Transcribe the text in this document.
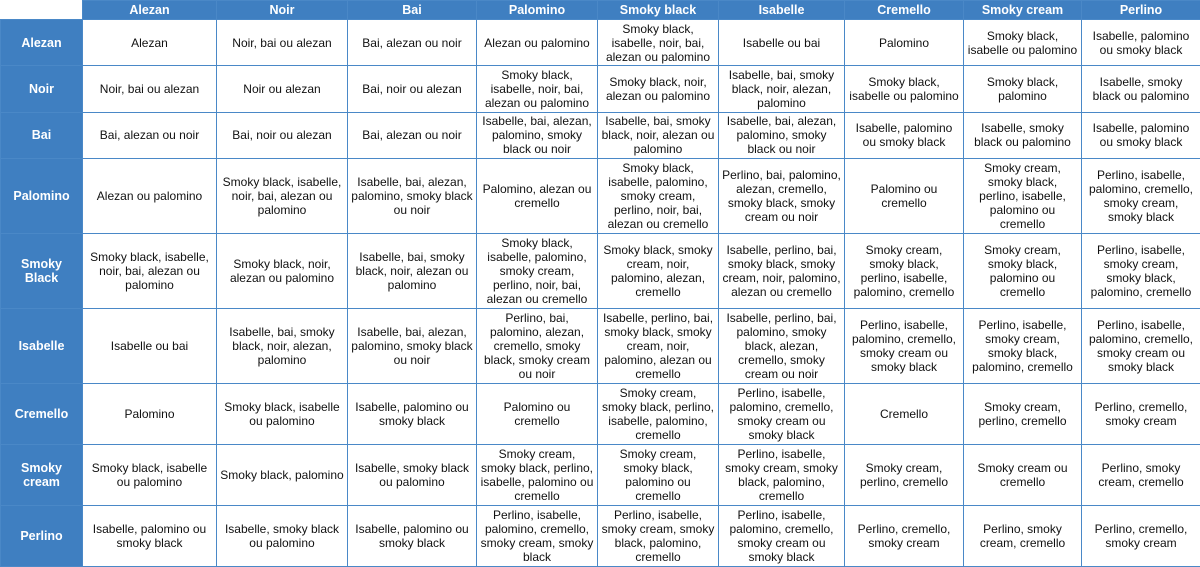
	Alezan	Noir	Bai	Palomino	Smoky black	Isabelle	Cremello	Smoky cream	Perlino
Alezan	Alezan	Noir, bai ou alezan	Bai, alezan ou noir	Alezan ou palomino	Smoky black, isabelle, noir, bai, alezan ou palomino	Isabelle ou bai	Palomino	Smoky black, isabelle ou palomino	Isabelle, palomino ou smoky black
Noir	Noir, bai ou alezan	Noir ou alezan	Bai, noir ou alezan	Smoky black, isabelle, noir, bai, alezan ou palomino	Smoky black, noir, alezan ou palomino	Isabelle, bai, smoky black, noir, alezan, palomino	Smoky black, isabelle ou palomino	Smoky black, palomino	Isabelle, smoky black ou palomino
Bai	Bai, alezan ou noir	Bai, noir ou alezan	Bai, alezan ou noir	Isabelle, bai, alezan, palomino, smoky black ou noir	Isabelle, bai, smoky black, noir, alezan ou palomino	Isabelle, bai, alezan, palomino, smoky black ou noir	Isabelle, palomino ou smoky black	Isabelle, smoky black ou palomino	Isabelle, palomino ou smoky black
Palomino	Alezan ou palomino	Smoky black, isabelle, noir, bai, alezan ou palomino	Isabelle, bai, alezan, palomino, smoky black ou noir	Palomino, alezan ou cremello	Smoky black, isabelle, palomino, smoky cream, perlino, noir, bai, alezan ou cremello	Perlino, bai, palomino, alezan, cremello, smoky black, smoky cream ou noir	Palomino ou cremello	Smoky cream, smoky black, perlino, isabelle, palomino ou cremello	Perlino, isabelle, palomino, cremello, smoky cream, smoky black
Smoky Black	Smoky black, isabelle, noir, bai, alezan ou palomino	Smoky black, noir, alezan ou palomino	Isabelle, bai, smoky black, noir, alezan ou palomino	Smoky black, isabelle, palomino, smoky cream, perlino, noir, bai, alezan ou cremello	Smoky black, smoky cream, noir, palomino, alezan, cremello	Isabelle, perlino, bai, smoky black, smoky cream, noir, palomino, alezan ou cremello	Smoky cream, smoky black, perlino, isabelle, palomino, cremello	Smoky cream, smoky black, palomino ou cremello	Perlino, isabelle, smoky cream, smoky black, palomino, cremello
Isabelle	Isabelle ou bai	Isabelle, bai, smoky black, noir, alezan, palomino	Isabelle, bai, alezan, palomino, smoky black ou noir	Perlino, bai, palomino, alezan, cremello, smoky black, smoky cream ou noir	Isabelle, perlino, bai, smoky black, smoky cream, noir, palomino, alezan ou cremello	Isabelle, perlino, bai, palomino, smoky black, alezan, cremello, smoky cream ou noir	Perlino, isabelle, palomino, cremello, smoky cream ou smoky black	Perlino, isabelle, smoky cream, smoky black, palomino, cremello	Perlino, isabelle, palomino, cremello, smoky cream ou smoky black
Cremello	Palomino	Smoky black, isabelle ou palomino	Isabelle, palomino ou smoky black	Palomino ou cremello	Smoky cream, smoky black, perlino, isabelle, palomino, cremello	Perlino, isabelle, palomino, cremello, smoky cream ou smoky black	Cremello	Smoky cream, perlino, cremello	Perlino, cremello, smoky cream
Smoky cream	Smoky black, isabelle ou palomino	Smoky black, palomino	Isabelle, smoky black ou palomino	Smoky cream, smoky black, perlino, isabelle, palomino ou cremello	Smoky cream, smoky black, palomino ou cremello	Perlino, isabelle, smoky cream, smoky black, palomino, cremello	Smoky cream, perlino, cremello	Smoky cream ou cremello	Perlino, smoky cream, cremello
Perlino	Isabelle, palomino ou smoky black	Isabelle, smoky black ou palomino	Isabelle, palomino ou smoky black	Perlino, isabelle, palomino, cremello, smoky cream, smoky black	Perlino, isabelle, smoky cream, smoky black, palomino, cremello	Perlino, isabelle, palomino, cremello, smoky cream ou smoky black	Perlino, cremello, smoky cream	Perlino, smoky cream, cremello	Perlino, cremello, smoky cream
